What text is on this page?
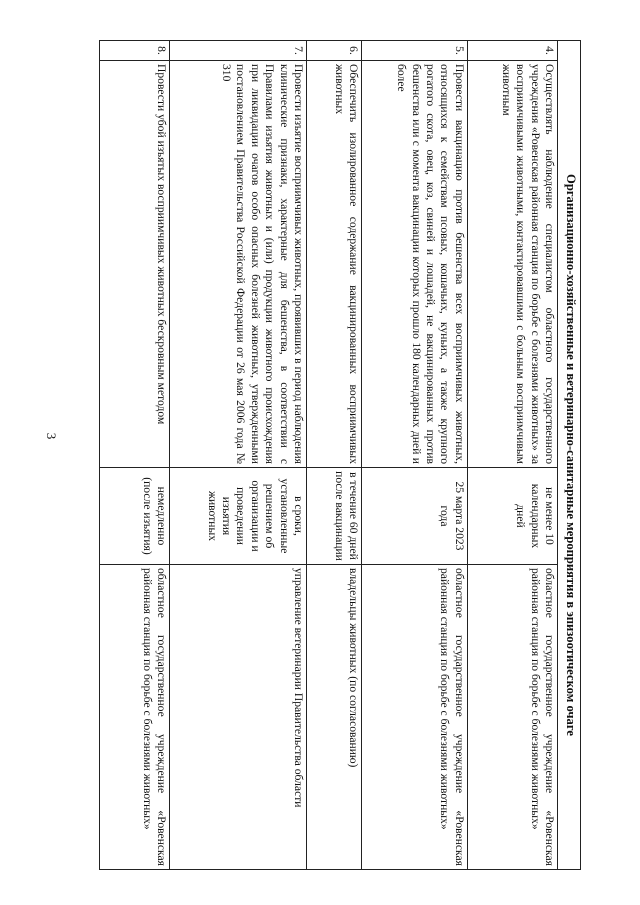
3	Организационно-хозяйственные и ветеринарно-санитарные мероприятия в эпизоотическом очаге			
4.	Осуществлять наблюдение специалистом областного государственного учреждения «Ровенская районная станция по борьбе с болезнями животных» за восприимчивыми животными, контактировавшими с больным восприимчивым животным	не менее 10 календарных дней	областное государственное учреждение «Ровенская районная станция по борьбе с болезнями животных»
5.	Провести вакцинацию против бешенства всех восприимчивых животных, относящихся к семействам псовых, кошачьих, куньих, а также крупного рогатого скота, овец, коз, свиней и лошадей, не вакцинированных против бешенства или с момента вакцинации которых прошло 180 календарных дней и более	25 марта 2023 года	областное государственное учреждение «Ровенская районная станция по борьбе с болезнями животных»
6.	Обеспечить изолированное содержание вакцинированных восприимчивых животных	в течение 60 дней после вакцинации	владельцы животных (по согласованию)
7.	Провести изъятие восприимчивых животных, проявивших в период наблюдения клинические признаки, характерные для бешенства, в соответствии с Правилами изъятия животных и (или) продукции животного происхождения при ликвидации очагов особо опасных болезней животных, утвержденными постановлением Правительства Российской Федерации от 26 мая 2006 года № 310	в сроки, установленные решением об организации и проведении изъятия животных	управление ветеринарии Правительства области
8.	Провести убой изъятых восприимчивых животных бескровным методом	немедленно (после изъятия)	областное государственное учреждение «Ровенская районная станция по борьбе с болезнями животных»
